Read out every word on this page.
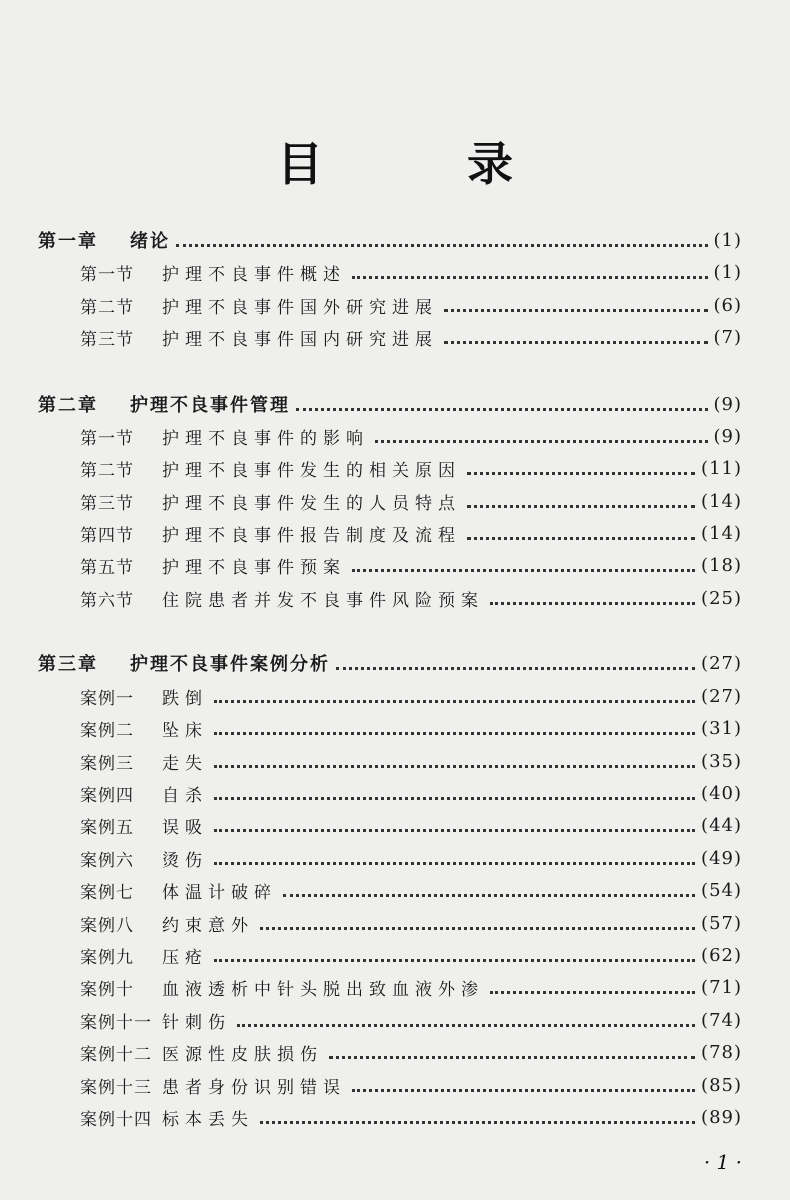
目 录
第一章	绪论	(1)
第一节	护理不良事件概述	(1)
第二节	护理不良事件国外研究进展	(6)
第三节	护理不良事件国内研究进展	(7)
第二章	护理不良事件管理	(9)
第一节	护理不良事件的影响	(9)
第二节	护理不良事件发生的相关原因	(11)
第三节	护理不良事件发生的人员特点	(14)
第四节	护理不良事件报告制度及流程	(14)
第五节	护理不良事件预案	(18)
第六节	住院患者并发不良事件风险预案	(25)
第三章	护理不良事件案例分析	(27)
案例一	跌倒	(27)
案例二	坠床	(31)
案例三	走失	(35)
案例四	自杀	(40)
案例五	误吸	(44)
案例六	烫伤	(49)
案例七	体温计破碎	(54)
案例八	约束意外	(57)
案例九	压疮	(62)
案例十	血液透析中针头脱出致血液外渗	(71)
案例十一 针刺伤	(74)
案例十二 医源性皮肤损伤	(78)
案例十三 患者身份识别错误	(85)
案例十四 标本丢失	(89)
· 1 ·
